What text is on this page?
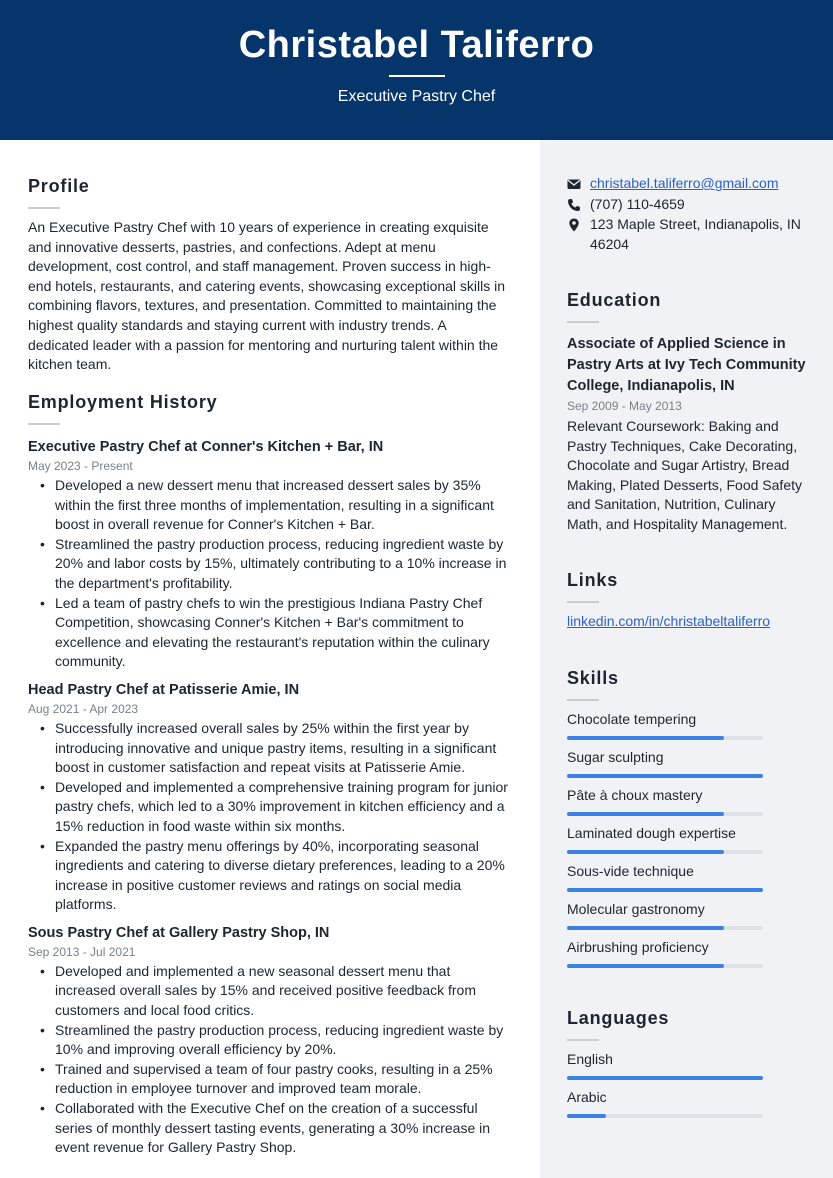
Christabel Taliferro
Executive Pastry Chef
Profile

An Executive Pastry Chef with 10 years of experience in creating exquisite and innovative desserts, pastries, and confections. Adept at menu development, cost control, and staff management. Proven success in high-end hotels, restaurants, and catering events, showcasing exceptional skills in combining flavors, textures, and presentation. Committed to maintaining the highest quality standards and staying current with industry trends. A dedicated leader with a passion for mentoring and nurturing talent within the kitchen team.

Employment History
Executive Pastry Chef at Conner's Kitchen + Bar, IN
May 2023 - Present
• Developed a new dessert menu that increased dessert sales by 35% within the first three months of implementation, resulting in a significant boost in overall revenue for Conner's Kitchen + Bar.
• Streamlined the pastry production process, reducing ingredient waste by 20% and labor costs by 15%, ultimately contributing to a 10% increase in the department's profitability.
• Led a team of pastry chefs to win the prestigious Indiana Pastry Chef Competition, showcasing Conner's Kitchen + Bar's commitment to excellence and elevating the restaurant's reputation within the culinary community.
Head Pastry Chef at Patisserie Amie, IN
Aug 2021 - Apr 2023
• Successfully increased overall sales by 25% within the first year by introducing innovative and unique pastry items, resulting in a significant boost in customer satisfaction and repeat visits at Patisserie Amie.
• Developed and implemented a comprehensive training program for junior pastry chefs, which led to a 30% improvement in kitchen efficiency and a 15% reduction in food waste within six months.
• Expanded the pastry menu offerings by 40%, incorporating seasonal ingredients and catering to diverse dietary preferences, leading to a 20% increase in positive customer reviews and ratings on social media platforms.
Sous Pastry Chef at Gallery Pastry Shop, IN
Sep 2013 - Jul 2021
• Developed and implemented a new seasonal dessert menu that increased overall sales by 15% and received positive feedback from customers and local food critics.
• Streamlined the pastry production process, reducing ingredient waste by 10% and improving overall efficiency by 20%.
• Trained and supervised a team of four pastry cooks, resulting in a 25% reduction in employee turnover and improved team morale.
• Collaborated with the Executive Chef on the creation of a successful series of monthly dessert tasting events, generating a 30% increase in event revenue for Gallery Pastry Shop.
christabel.taliferro@gmail.com
(707) 110-4659
123 Maple Street, Indianapolis, IN 46204
Education
Associate of Applied Science in Pastry Arts at Ivy Tech Community College, Indianapolis, IN
Sep 2009 - May 2013

Relevant Coursework: Baking and Pastry Techniques, Cake Decorating, Chocolate and Sugar Artistry, Bread Making, Plated Desserts, Food Safety and Sanitation, Nutrition, Culinary Math, and Hospitality Management.

Links
linkedin.com/in/christabeltaliferro
Skills
Chocolate tempering
Sugar sculpting
Pâte à choux mastery
Laminated dough expertise
Sous-vide technique
Molecular gastronomy
Airbrushing proficiency
Languages
English
Arabic
